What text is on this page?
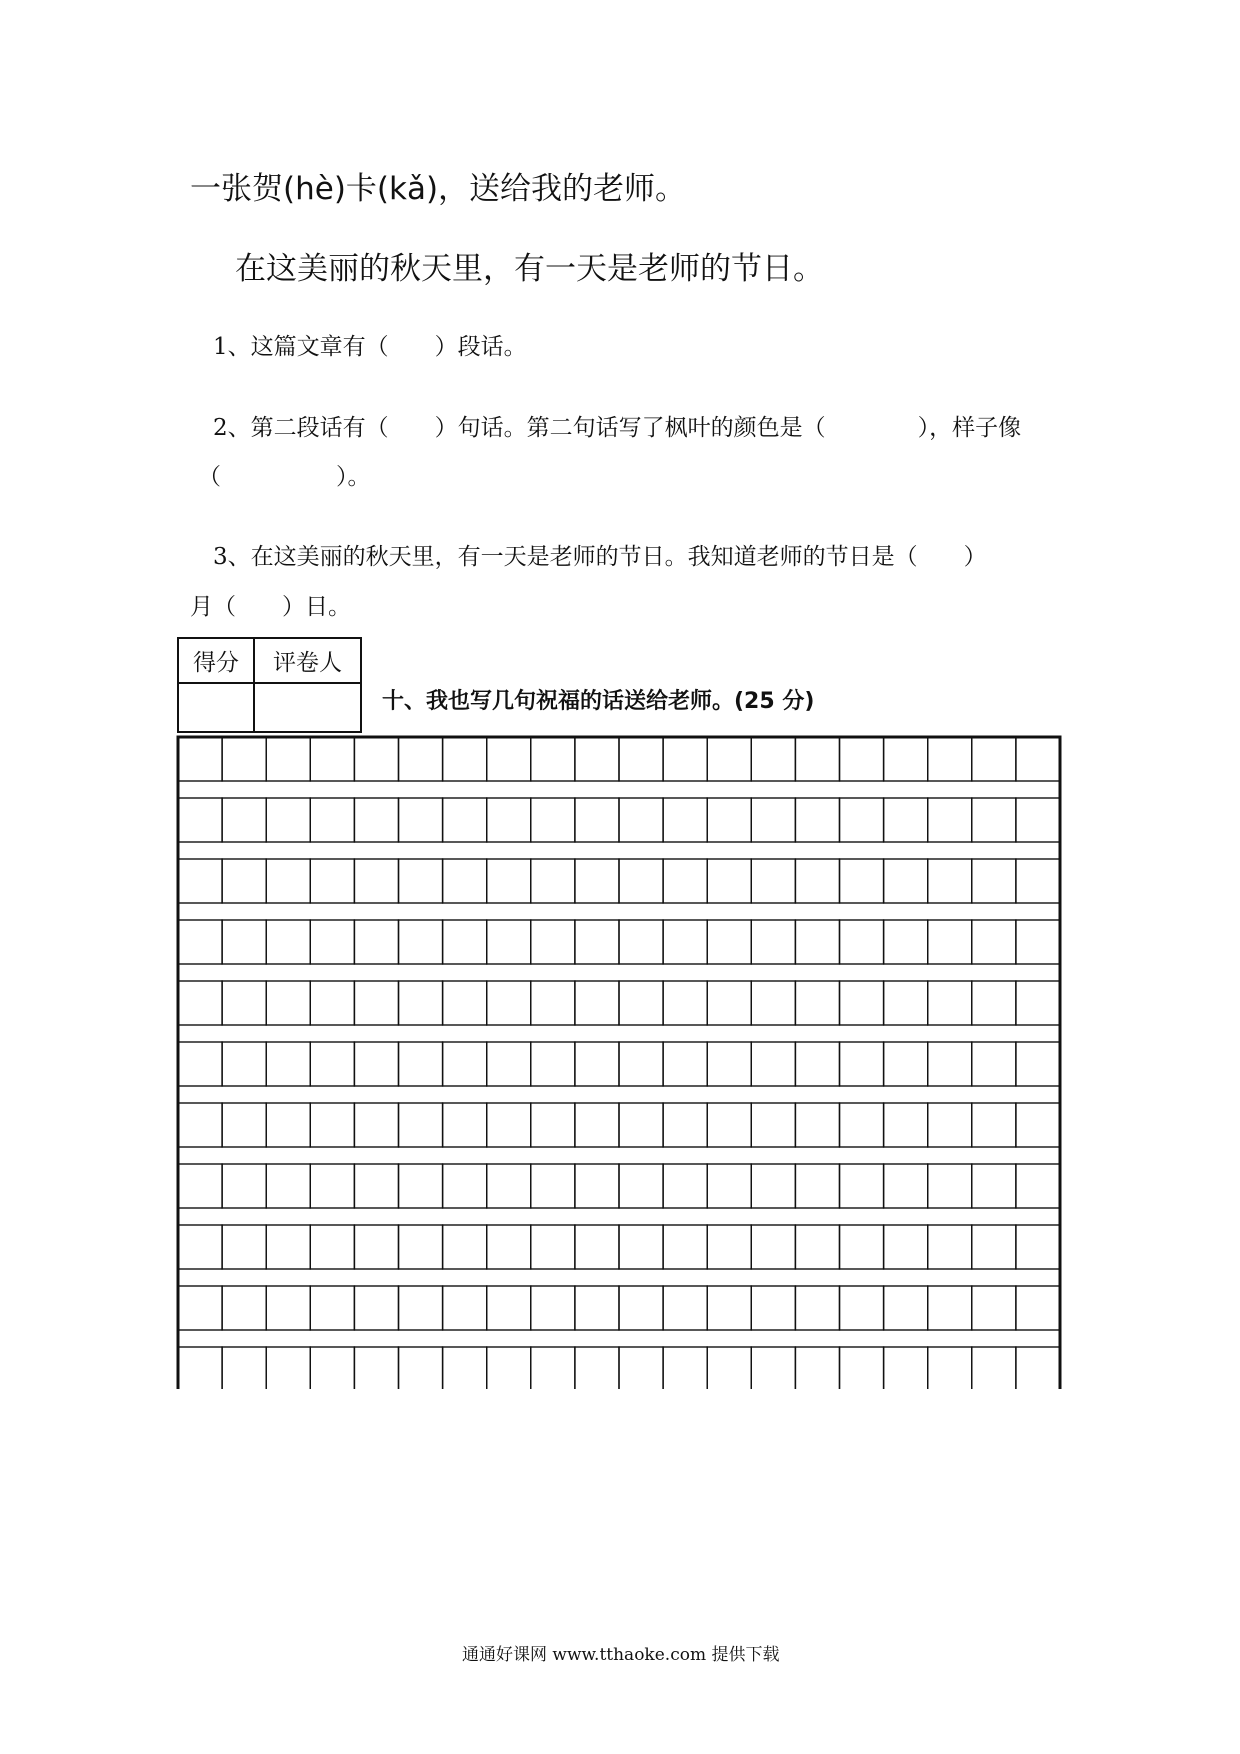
一张贺(hè)卡(kǎ)，送给我的老师。
在这美丽的秋天里，有一天是老师的节日。
1、这篇文章有（　　）段话。
2、第二段话有（　　）句话。第二句话写了枫叶的颜色是（　　　　），样子像
（　　　　　）。
3、在这美丽的秋天里，有一天是老师的节日。我知道老师的节日是（　　）
月（　　）日。
得分	评卷人

十、我也写几句祝福的话送给老师。(25 分)
通通好课网 www.tthaoke.com 提供下载
